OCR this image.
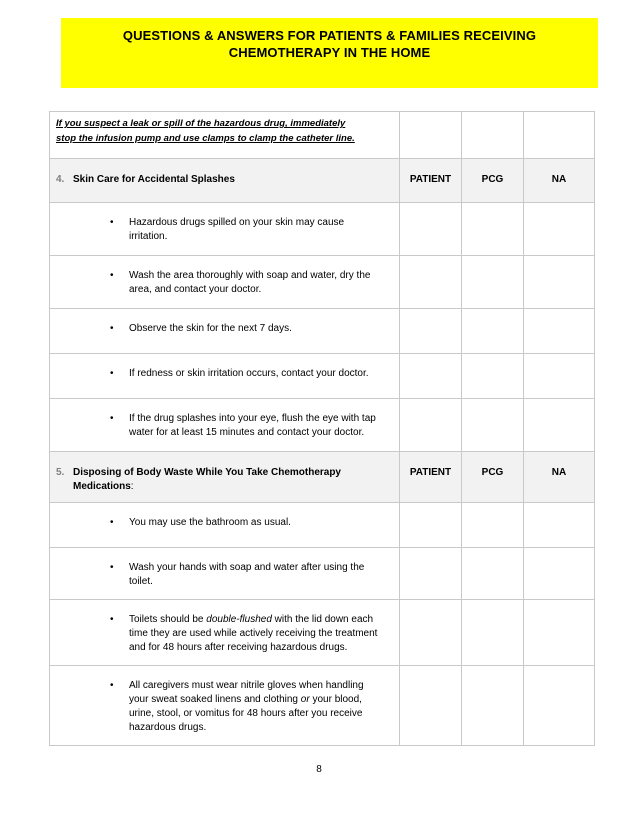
QUESTIONS & ANSWERS FOR PATIENTS & FAMILIES RECEIVING
CHEMOTHERAPY IN THE HOME
If you suspect a leak or spill of the hazardous drug, immediately
stop the infusion pump and use clamps to clamp the catheter line.			

4. Skin Care for Accidental Splashes	PATIENT	PCG	NA

• Hazardous drugs spilled on your skin may cause
irritation.			

• Wash the area thoroughly with soap and water, dry the
area, and contact your doctor.			

• Observe the skin for the next 7 days.			

• If redness or skin irritation occurs, contact your doctor.			

• If the drug splashes into your eye, flush the eye with tap
water for at least 15 minutes and contact your doctor.			

5. Disposing of Body Waste While You Take Chemotherapy
Medications:	PATIENT	PCG	NA

• You may use the bathroom as usual.			

• Wash your hands with soap and water after using the
toilet.			

• Toilets should be double-flushed with the lid down each
time they are used while actively receiving the treatment
and for 48 hours after receiving hazardous drugs.			

• All caregivers must wear nitrile gloves when handling
your sweat soaked linens and clothing or your blood,
urine, stool, or vomitus for 48 hours after you receive
hazardous drugs.			

8
